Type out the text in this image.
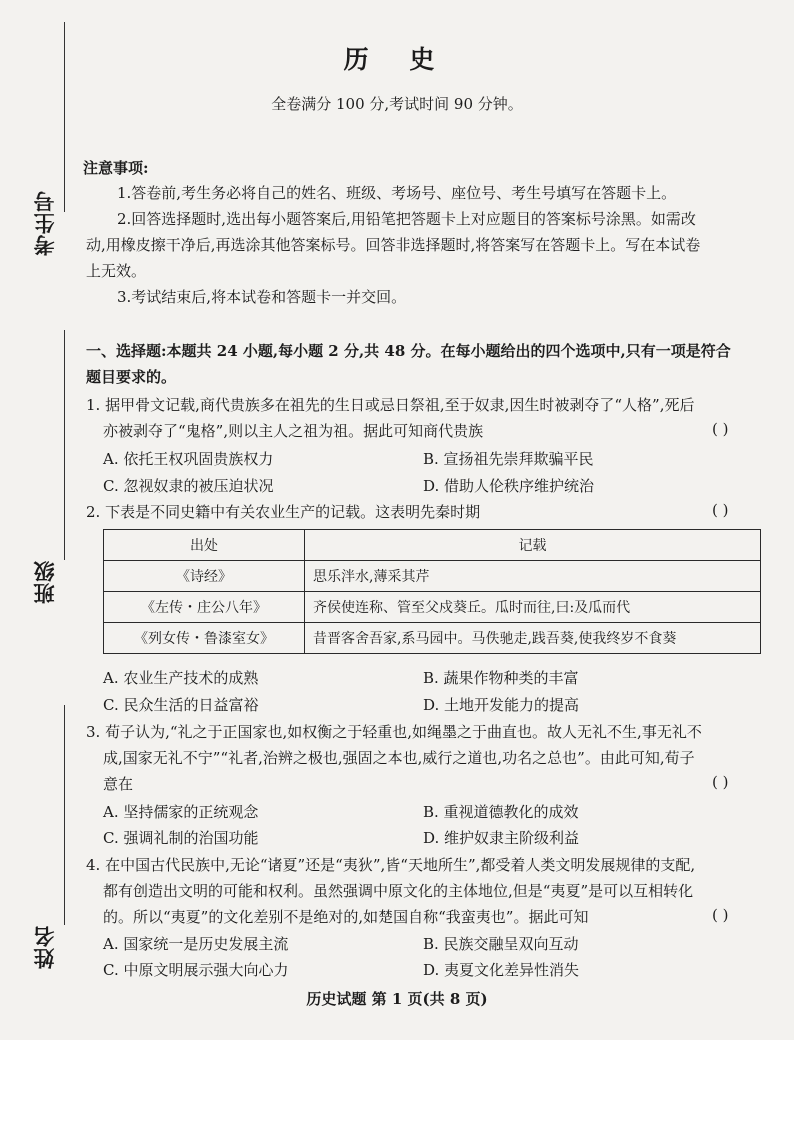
考生号
班级
姓名
历 史
全卷满分 100 分,考试时间 90 分钟。
注意事项:
1.答卷前,考生务必将自己的姓名、班级、考场号、座位号、考生号填写在答题卡上。
2.回答选择题时,选出每小题答案后,用铅笔把答题卡上对应题目的答案标号涂黑。如需改
动,用橡皮擦干净后,再选涂其他答案标号。回答非选择题时,将答案写在答题卡上。写在本试卷
上无效。
3.考试结束后,将本试卷和答题卡一并交回。
一、选择题:本题共 24 小题,每小题 2 分,共 48 分。在每小题给出的四个选项中,只有一项是符合
题目要求的。
1. 据甲骨文记载,商代贵族多在祖先的生日或忌日祭祖,至于奴隶,因生时被剥夺了“人格”,死后
亦被剥夺了“鬼格”,则以主人之祖为祖。据此可知商代贵族	( )
A. 依托王权巩固贵族权力	B. 宣扬祖先崇拜欺骗平民
C. 忽视奴隶的被压迫状况	D. 借助人伦秩序维护统治
2. 下表是不同史籍中有关农业生产的记载。这表明先秦时期	( )
出处	记载
《诗经》	思乐泮水,薄采其芹
《左传・庄公八年》	齐侯使连称、管至父戍葵丘。瓜时而往,曰:及瓜而代
《列女传・鲁漆室女》	昔晋客舍吾家,系马园中。马佚驰走,践吾葵,使我终岁不食葵
A. 农业生产技术的成熟	B. 蔬果作物种类的丰富
C. 民众生活的日益富裕	D. 土地开发能力的提高
3. 荀子认为,“礼之于正国家也,如权衡之于轻重也,如绳墨之于曲直也。故人无礼不生,事无礼不
成,国家无礼不宁”“礼者,治辨之极也,强固之本也,威行之道也,功名之总也”。由此可知,荀子
意在	( )
A. 坚持儒家的正统观念	B. 重视道德教化的成效
C. 强调礼制的治国功能	D. 维护奴隶主阶级利益
4. 在中国古代民族中,无论“诸夏”还是“夷狄”,皆“天地所生”,都受着人类文明发展规律的支配,
都有创造出文明的可能和权利。虽然强调中原文化的主体地位,但是“夷夏”是可以互相转化
的。所以“夷夏”的文化差别不是绝对的,如楚国自称“我蛮夷也”。据此可知	( )
A. 国家统一是历史发展主流	B. 民族交融呈双向互动
C. 中原文明展示强大向心力	D. 夷夏文化差异性消失
历史试题 第 1 页(共 8 页)
